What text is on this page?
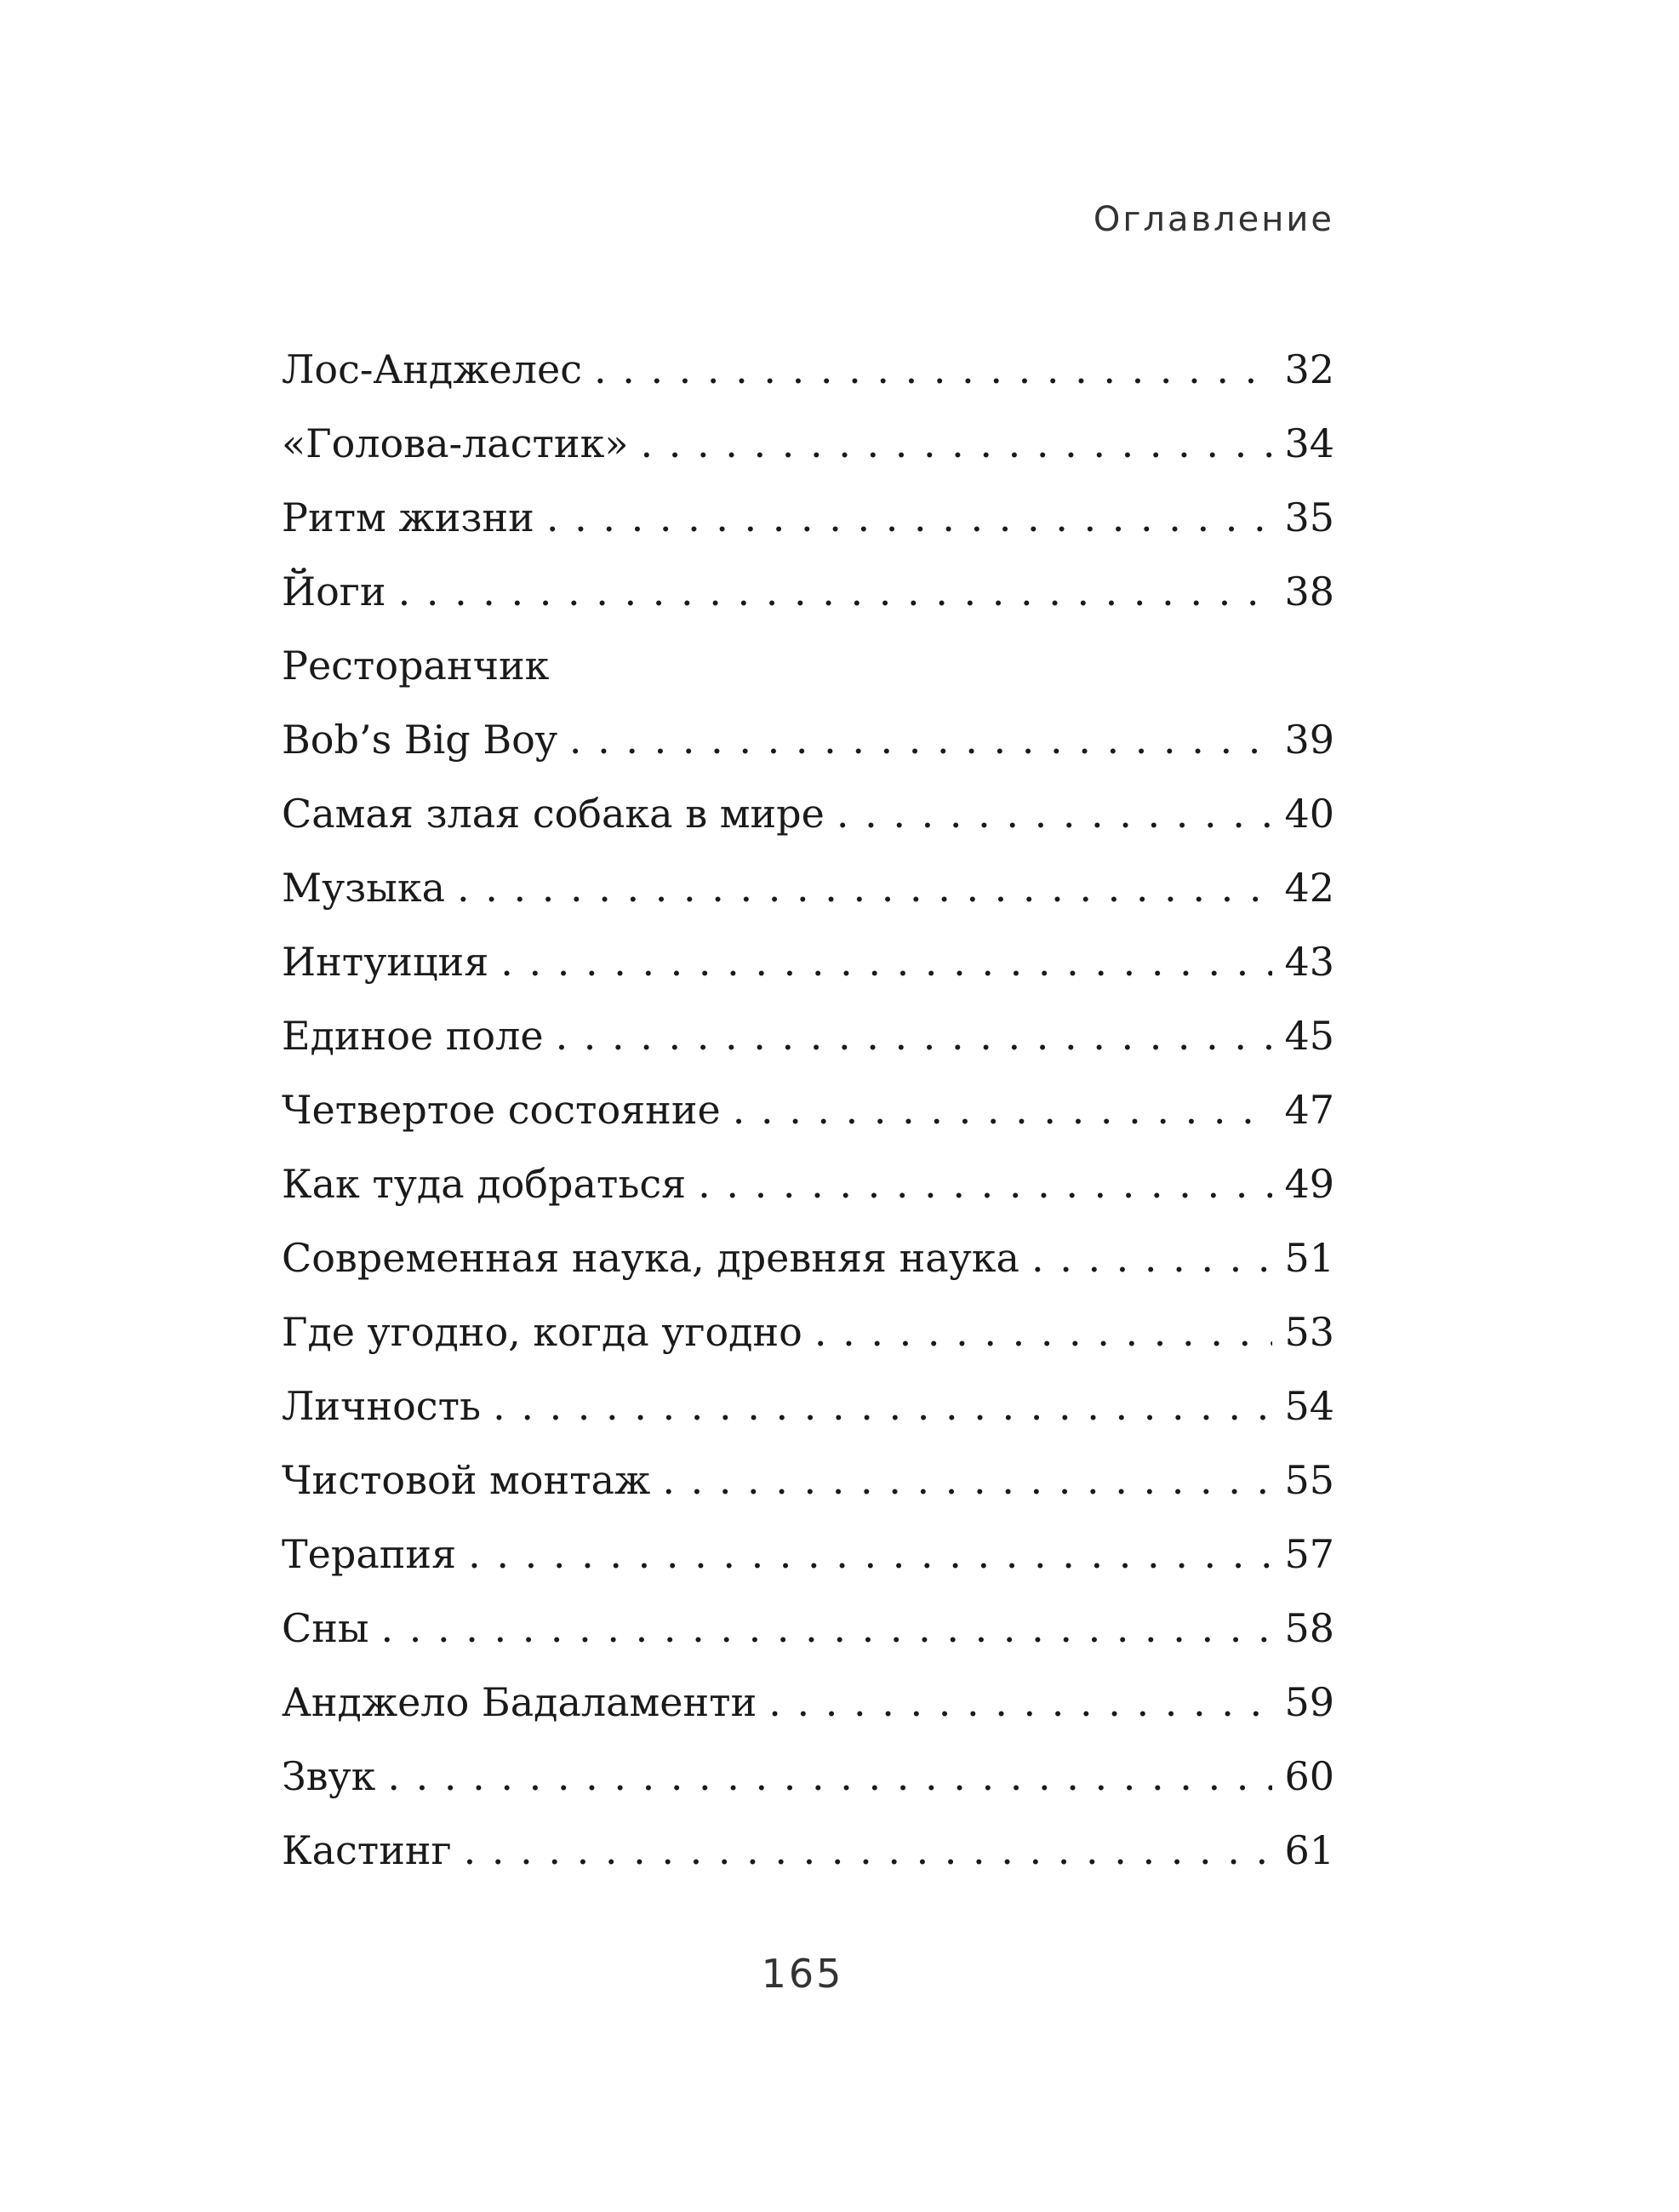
Оглавление
Лос-Анджелес . . .	32
«Голова-ластик» . . .	34
Ритм жизни . . .	35
Йоги . . .	38
Ресторанчик
Bob’s Big Boy . . .	39
Самая злая собака в мире . . .	40
Музыка . . .	42
Интуиция . . .	43
Единое поле . . .	45
Четвертое состояние . . .	47
Как туда добраться . . .	49
Современная наука, древняя наука . . .	51
Где угодно, когда угодно . . .	53
Личность . . .	54
Чистовой монтаж . . .	55
Терапия . . .	57
Сны . . .	58
Анджело Бадаламенти . . .	59
Звук . . .	60
Кастинг . . .	61
165
